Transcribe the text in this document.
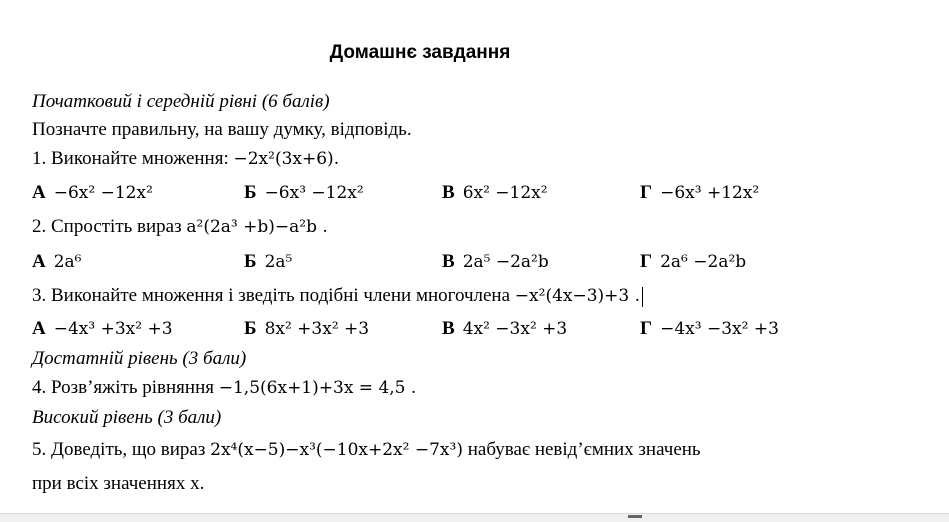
Домашнє завдання
Початковий і середній рівні (6 балів)
Позначте правильну, на вашу думку, відповідь.
1. Виконайте множення: −2x²(3x+6).
А −6x² −12x²	Б −6x³ −12x²	В 6x² −12x²	Г −6x³ +12x²
2. Спростіть вираз a²(2a³ +b)−a²b .
А 2a⁶	Б 2a⁵	В 2a⁵ −2a²b	Г 2a⁶ −2a²b
3. Виконайте множення і зведіть подібні члени многочлена −x²(4x−3)+3 .
А −4x³ +3x² +3	Б 8x² +3x² +3	В 4x² −3x² +3	Г −4x³ −3x² +3
Достатній рівень (3 бали)
4. Розв’яжіть рівняння −1,5(6x+1)+3x = 4,5 .
Високий рівень (3 бали)
5. Доведіть, що вираз 2x⁴(x−5)−x³(−10x+2x² −7x³) набуває невід’ємних значень
при всіх значеннях x.
